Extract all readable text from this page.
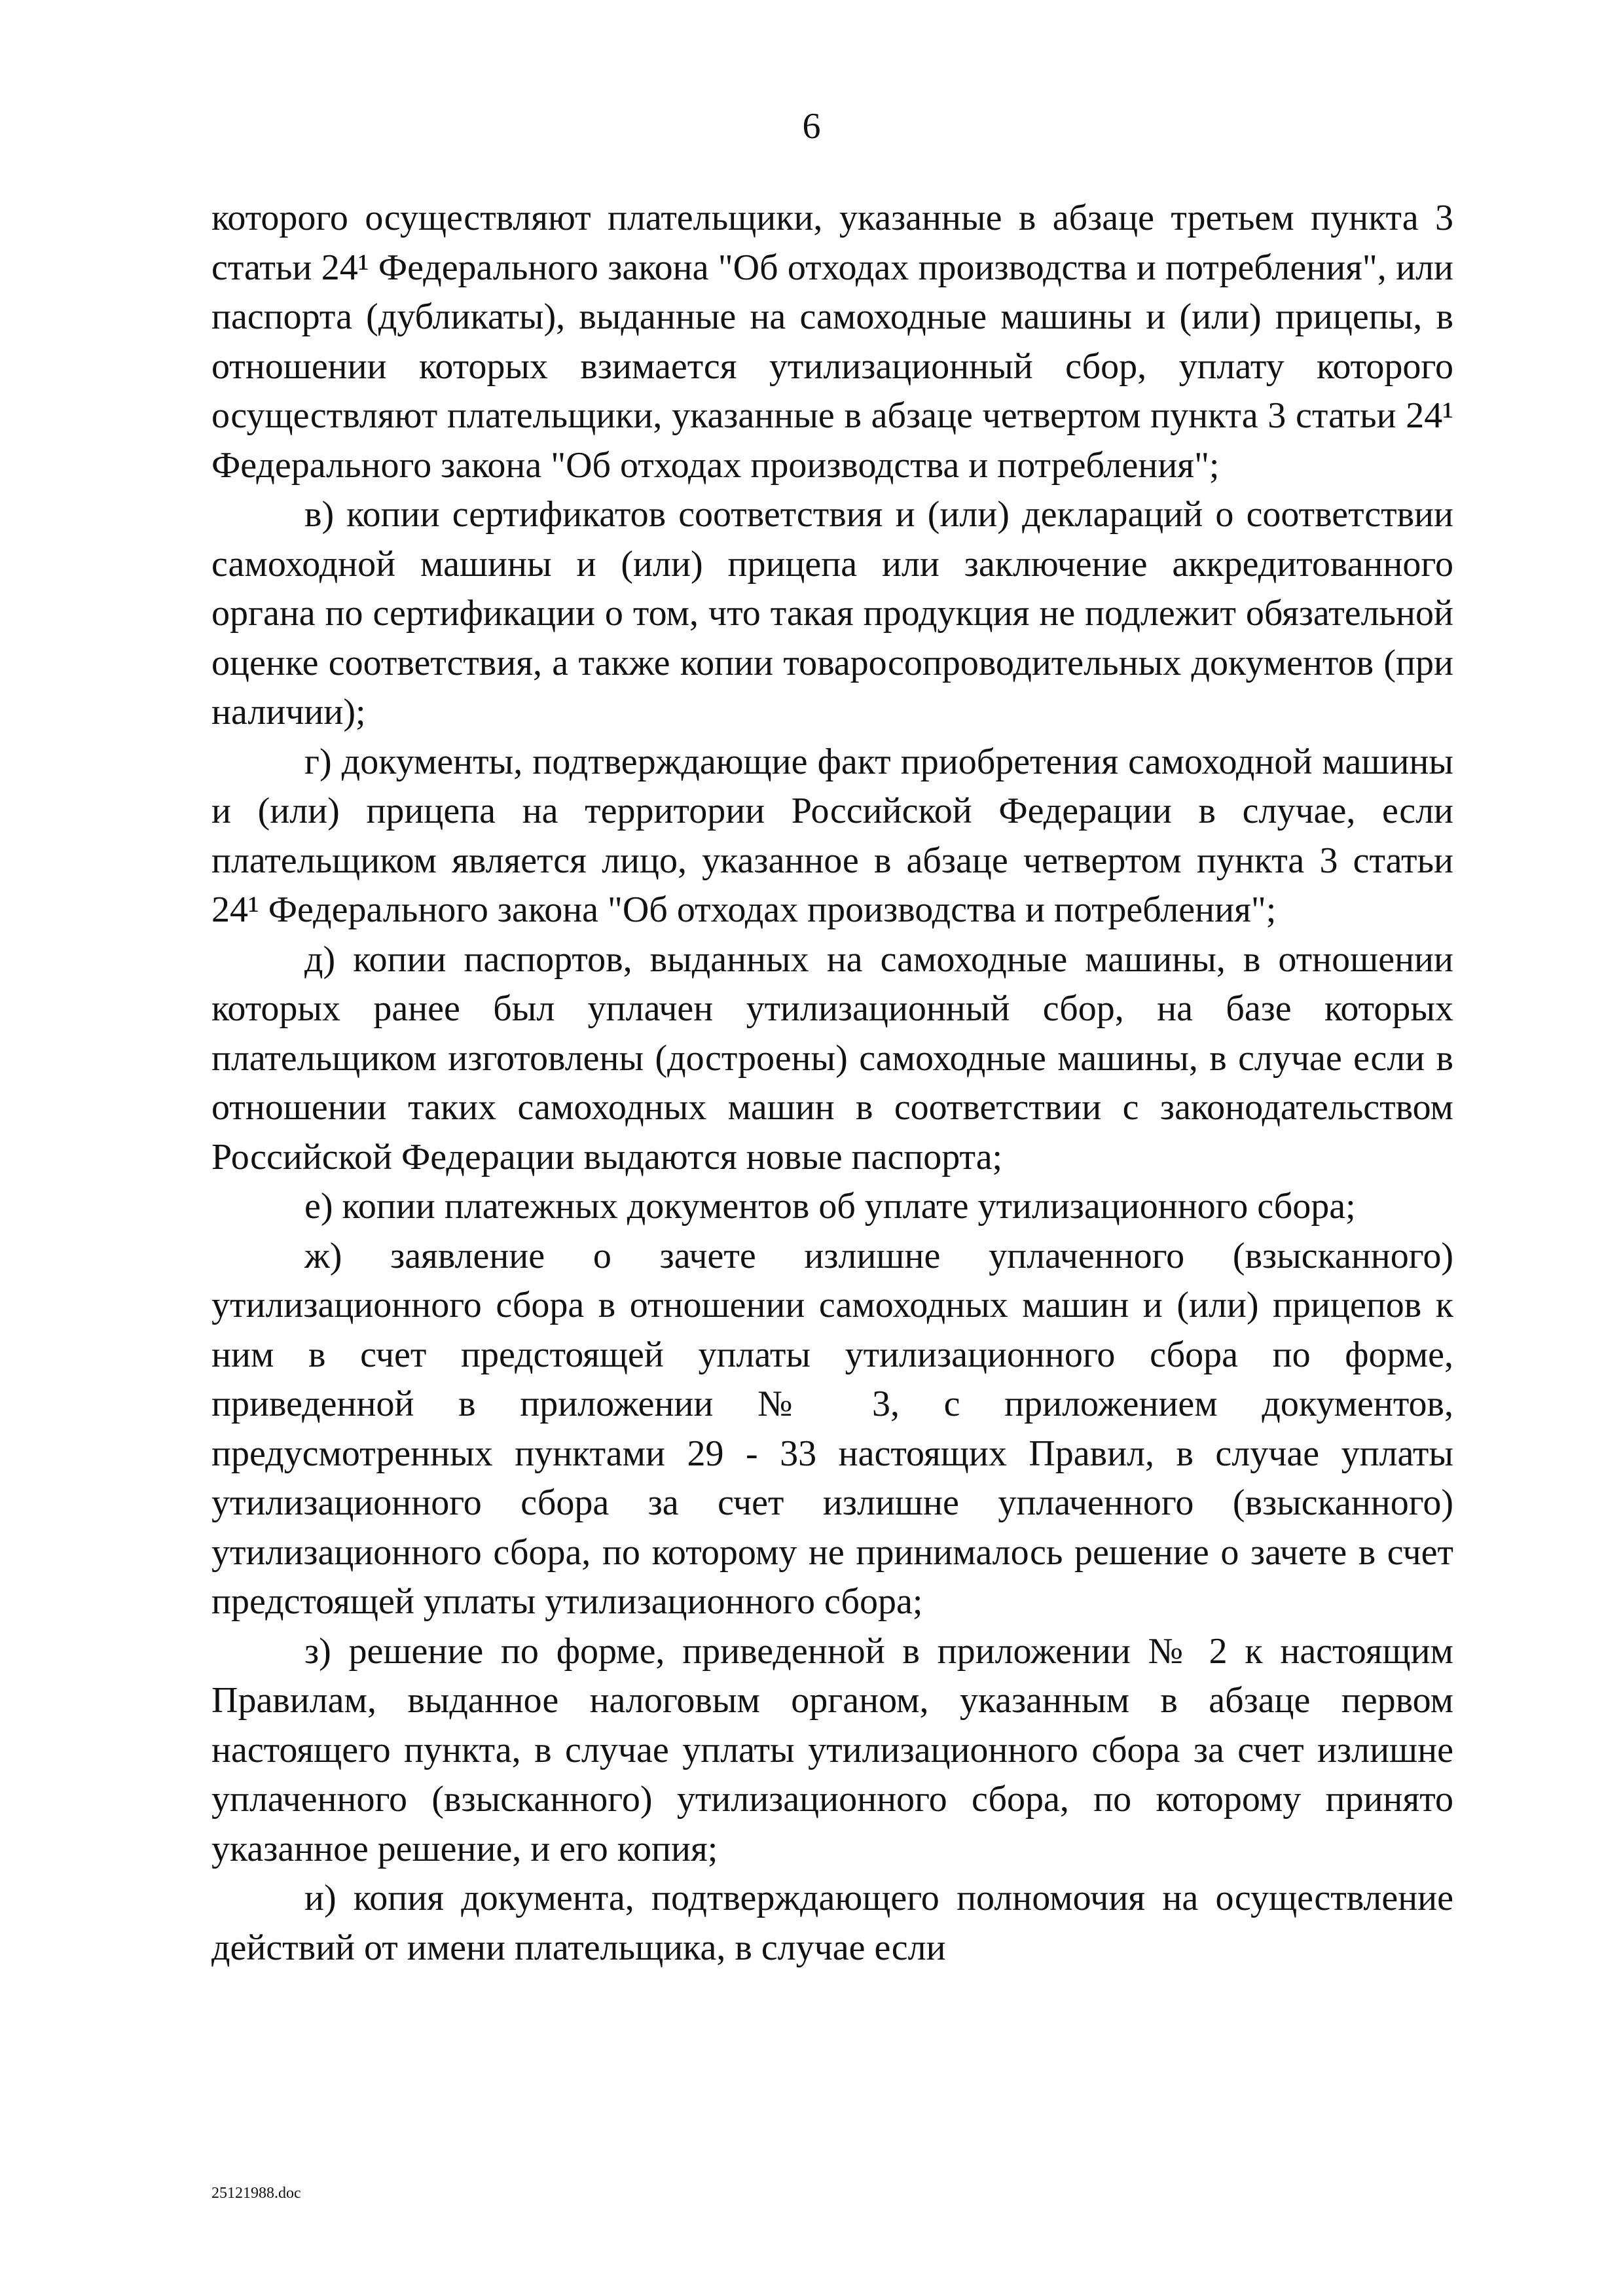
6

которого осуществляют плательщики, указанные в абзаце третьем пункта 3 статьи 24¹ Федерального закона "Об отходах производства и потребления", или паспорта (дубликаты), выданные на самоходные машины и (или) прицепы, в отношении которых взимается утилизационный сбор, уплату которого осуществляют плательщики, указанные в абзаце четвертом пункта 3 статьи 24¹ Федерального закона "Об отходах производства и потребления";

в) копии сертификатов соответствия и (или) деклараций о соответствии самоходной машины и (или) прицепа или заключение аккредитованного органа по сертификации о том, что такая продукция не подлежит обязательной оценке соответствия, а также копии товаросопроводительных документов (при наличии);

г) документы, подтверждающие факт приобретения самоходной машины и (или) прицепа на территории Российской Федерации в случае, если плательщиком является лицо, указанное в абзаце четвертом пункта 3 статьи 24¹ Федерального закона "Об отходах производства и потребления";

д) копии паспортов, выданных на самоходные машины, в отношении которых ранее был уплачен утилизационный сбор, на базе которых плательщиком изготовлены (достроены) самоходные машины, в случае если в отношении таких самоходных машин в соответствии с законодательством Российской Федерации выдаются новые паспорта;

е) копии платежных документов об уплате утилизационного сбора;

ж) заявление о зачете излишне уплаченного (взысканного) утилизационного сбора в отношении самоходных машин и (или) прицепов к ним в счет предстоящей уплаты утилизационного сбора по форме, приведенной в приложении № 3, с приложением документов, предусмотренных пунктами 29 - 33 настоящих Правил, в случае уплаты утилизационного сбора за счет излишне уплаченного (взысканного) утилизационного сбора, по которому не принималось решение о зачете в счет предстоящей уплаты утилизационного сбора;

з) решение по форме, приведенной в приложении № 2 к настоящим Правилам, выданное налоговым органом, указанным в абзаце первом настоящего пункта, в случае уплаты утилизационного сбора за счет излишне уплаченного (взысканного) утилизационного сбора, по которому принято указанное решение, и его копия;

и) копия документа, подтверждающего полномочия на осуществление действий от имени плательщика, в случае если

25121988.doc
